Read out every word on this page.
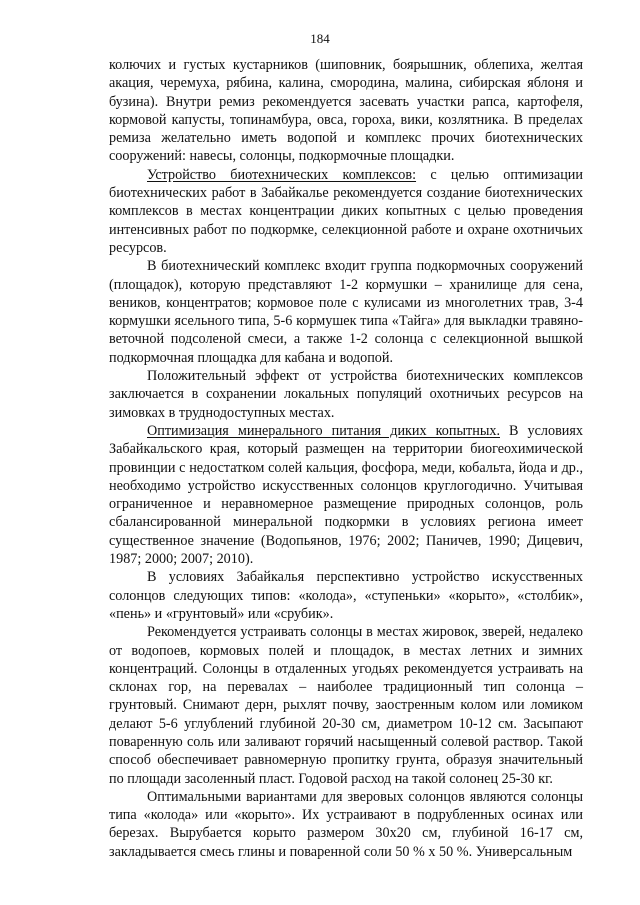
184

колючих и густых кустарников (шиповник, боярышник, облепиха, желтая акация, черемуха, рябина, калина, смородина, малина, сибирская яблоня и бузина). Внутри ремиз рекомендуется засевать участки рапса, картофеля, кормовой капусты, топинамбура, овса, гороха, вики, козлятника. В пределах ремиза желательно иметь водопой и комплекс прочих биотехнических сооружений: навесы, солонцы, подкормочные площадки.

Устройство биотехнических комплексов: с целью оптимизации биотехнических работ в Забайкалье рекомендуется создание биотехнических комплексов в местах концентрации диких копытных с целью проведения интенсивных работ по подкормке, селекционной работе и охране охотничьих ресурсов.

В биотехнический комплекс входит группа подкормочных сооружений (площадок), которую представляют 1-2 кормушки – хранилище для сена, веников, концентратов; кормовое поле с кулисами из многолетних трав, 3-4 кормушки ясельного типа, 5-6 кормушек типа «Тайга» для выкладки травяно-веточной подсоленой смеси, а также 1-2 солонца с селекционной вышкой подкормочная площадка для кабана и водопой.

Положительный эффект от устройства биотехнических комплексов заключается в сохранении локальных популяций охотничьих ресурсов на зимовках в труднодоступных местах.

Оптимизация минерального питания диких копытных. В условиях Забайкальского края, который размещен на территории биогеохимической провинции с недостатком солей кальция, фосфора, меди, кобальта, йода и др., необходимо устройство искусственных солонцов круглогодично. Учитывая ограниченное и неравномерное размещение природных солонцов, роль сбалансированной минеральной подкормки в условиях региона имеет существенное значение (Водопьянов, 1976; 2002; Паничев, 1990; Дицевич, 1987; 2000; 2007; 2010).

В условиях Забайкалья перспективно устройство искусственных солонцов следующих типов: «колода», «ступеньки» «корыто», «столбик», «пень» и «грунтовый» или «срубик».

Рекомендуется устраивать солонцы в местах жировок, зверей, недалеко от водопоев, кормовых полей и площадок, в местах летних и зимних концентраций. Солонцы в отдаленных угодьях рекомендуется устраивать на склонах гор, на перевалах – наиболее традиционный тип солонца – грунтовый. Снимают дерн, рыхлят почву, заостренным колом или ломиком делают 5-6 углублений глубиной 20-30 см, диаметром 10-12 см. Засыпают поваренную соль или заливают горячий насыщенный солевой раствор. Такой способ обеспечивает равномерную пропитку грунта, образуя значительный по площади засоленный пласт. Годовой расход на такой солонец 25-30 кг.

Оптимальными вариантами для зверовых солонцов являются солонцы типа «колода» или «корыто». Их устраивают в подрубленных осинах или березах. Вырубается корыто размером 30х20 см, глубиной 16-17 см, закладывается смесь глины и поваренной соли 50 % х 50 %. Универсальным
